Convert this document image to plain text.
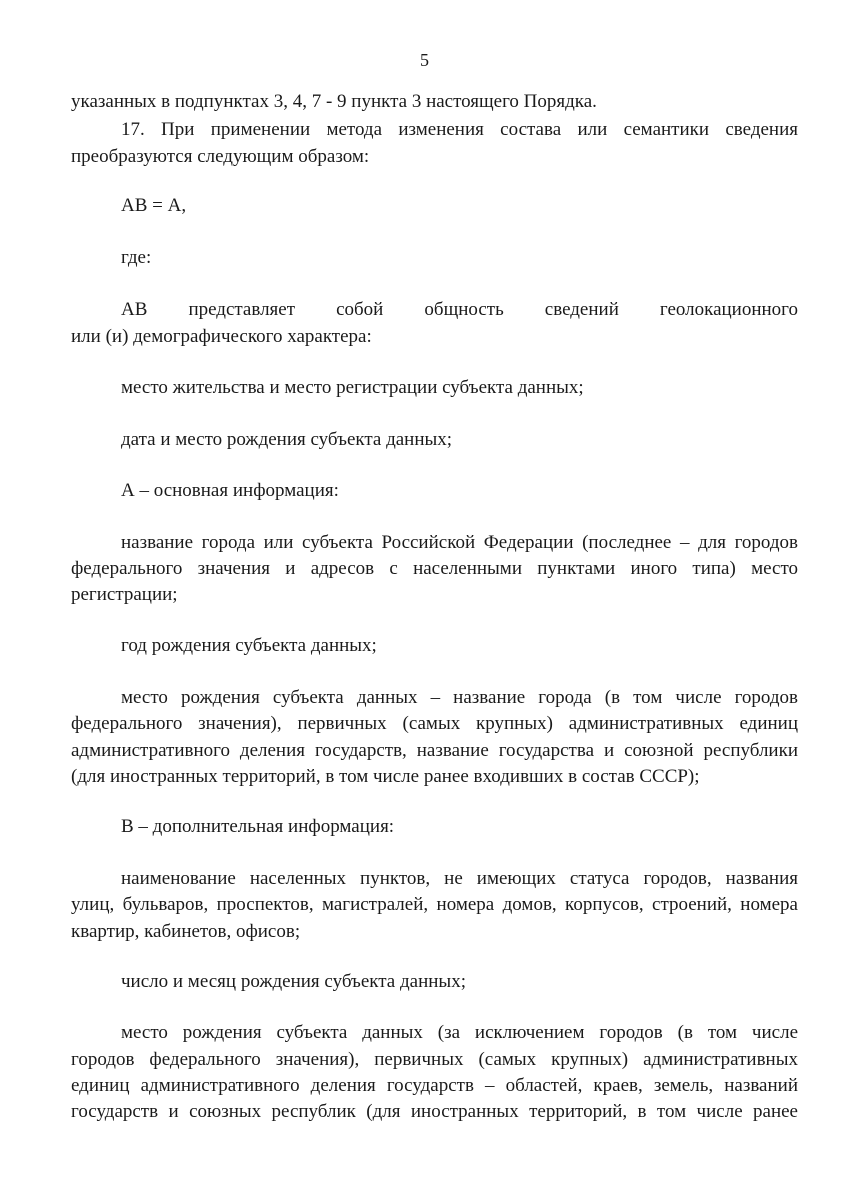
5
указанных в подпунктах 3, 4, 7 - 9 пункта 3 настоящего Порядка.
17. При применении метода изменения состава или семантики сведения
преобразуются следующим образом:
АВ = А,
где:
АВ представляет собой общность сведений геолокационного
или (и) демографического характера:
место жительства и место регистрации субъекта данных;
дата и место рождения субъекта данных;
А – основная информация:
название города или субъекта Российской Федерации (последнее – для городов
федерального значения и адресов с населенными пунктами иного типа) место
регистрации;
год рождения субъекта данных;
место рождения субъекта данных – название города (в том числе городов
федерального значения), первичных (самых крупных) административных единиц
административного деления государств, название государства и союзной республики
(для иностранных территорий, в том числе ранее входивших в состав СССР);
В – дополнительная информация:
наименование населенных пунктов, не имеющих статуса городов, названия
улиц, бульваров, проспектов, магистралей, номера домов, корпусов, строений, номера
квартир, кабинетов, офисов;
число и месяц рождения субъекта данных;
место рождения субъекта данных (за исключением городов (в том числе
городов федерального значения), первичных (самых крупных) административных
единиц административного деления государств – областей, краев, земель, названий
государств и союзных республик (для иностранных территорий, в том числе ранее
